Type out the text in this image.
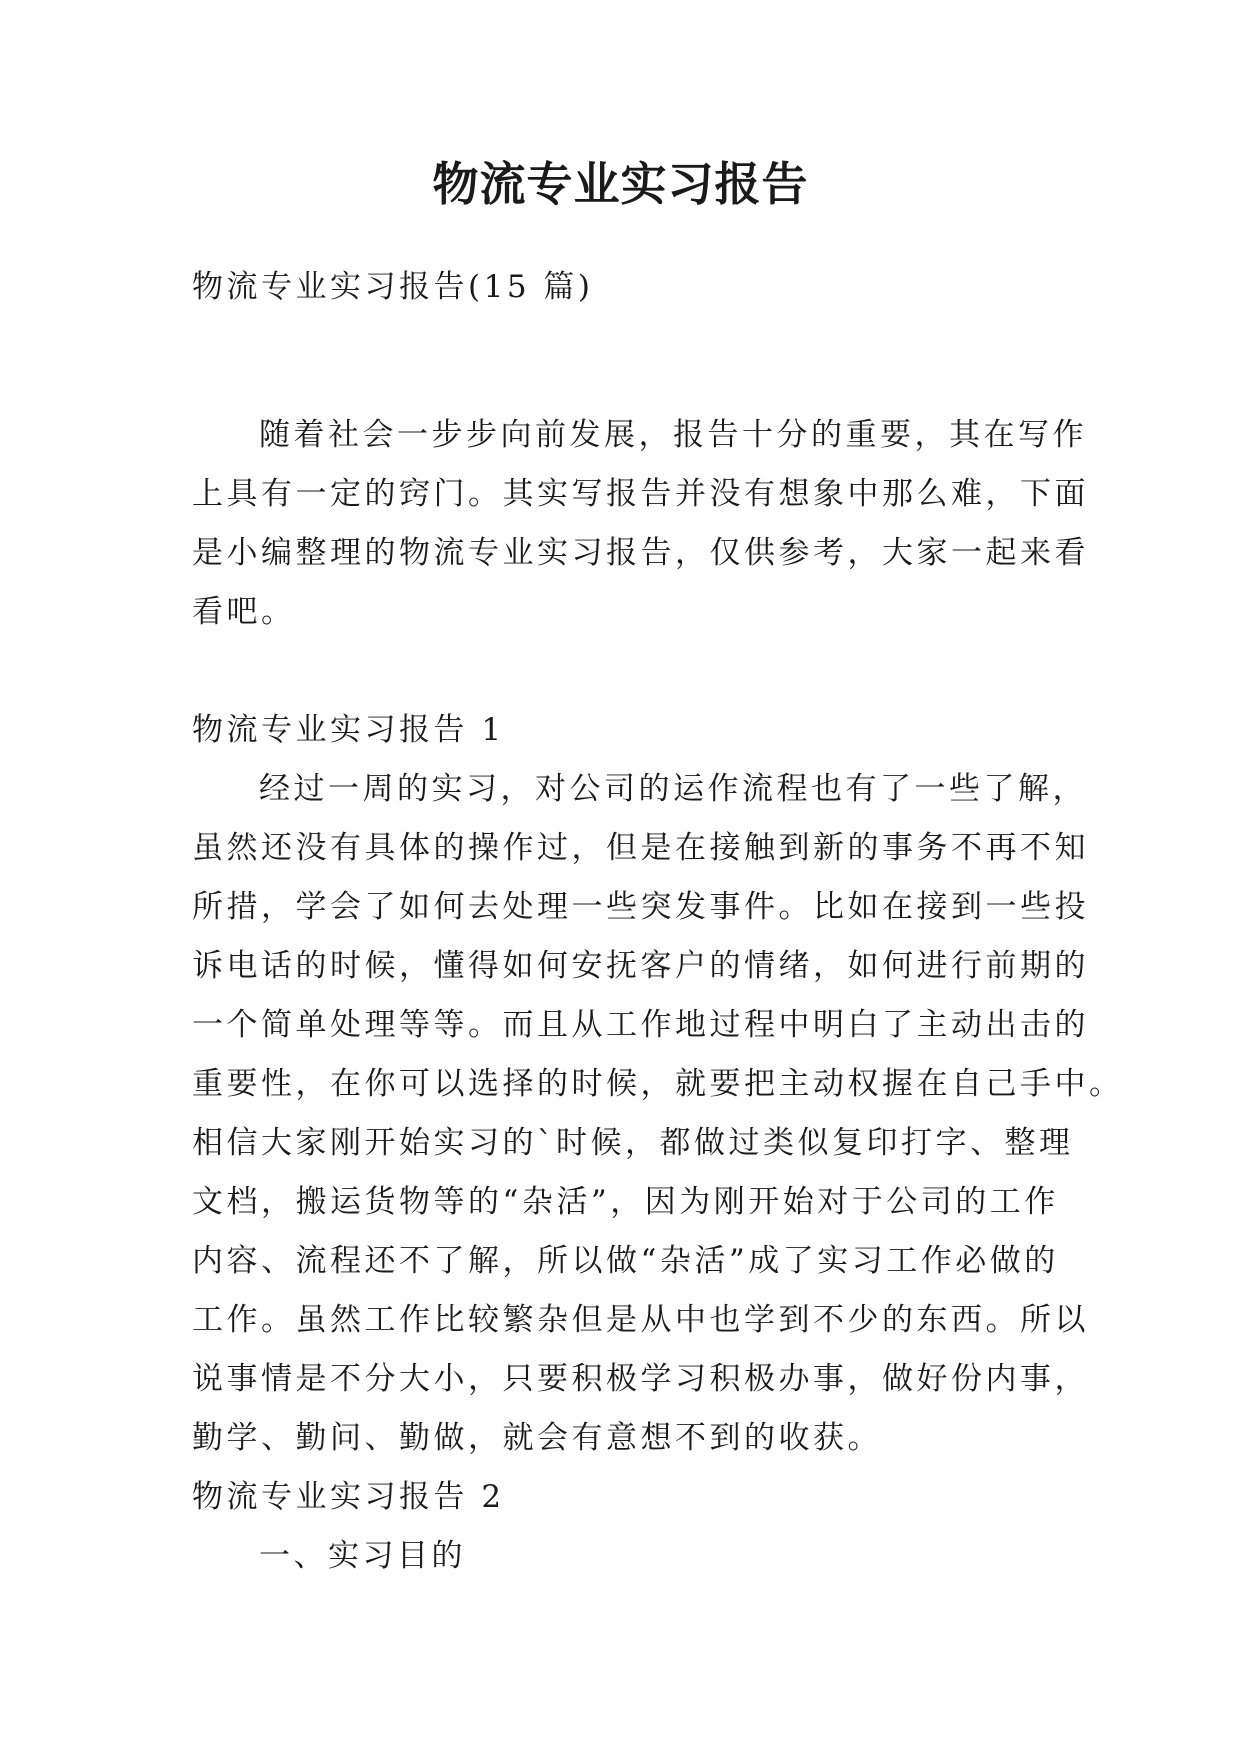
物流专业实习报告
物流专业实习报告(15 篇)
随着社会一步步向前发展，报告十分的重要，其在写作
上具有一定的窍门。其实写报告并没有想象中那么难，下面
是小编整理的物流专业实习报告，仅供参考，大家一起来看
看吧。
物流专业实习报告 1
经过一周的实习，对公司的运作流程也有了一些了解，
虽然还没有具体的操作过，但是在接触到新的事务不再不知
所措，学会了如何去处理一些突发事件。比如在接到一些投
诉电话的时候，懂得如何安抚客户的情绪，如何进行前期的
一个简单处理等等。而且从工作地过程中明白了主动出击的
重要性，在你可以选择的时候，就要把主动权握在自己手中。
相信大家刚开始实习的`时候，都做过类似复印打字、整理
文档，搬运货物等的“杂活”，因为刚开始对于公司的工作
内容、流程还不了解，所以做“杂活”成了实习工作必做的
工作。虽然工作比较繁杂但是从中也学到不少的东西。所以
说事情是不分大小，只要积极学习积极办事，做好份内事，
勤学、勤问、勤做，就会有意想不到的收获。
物流专业实习报告 2
一、实习目的
